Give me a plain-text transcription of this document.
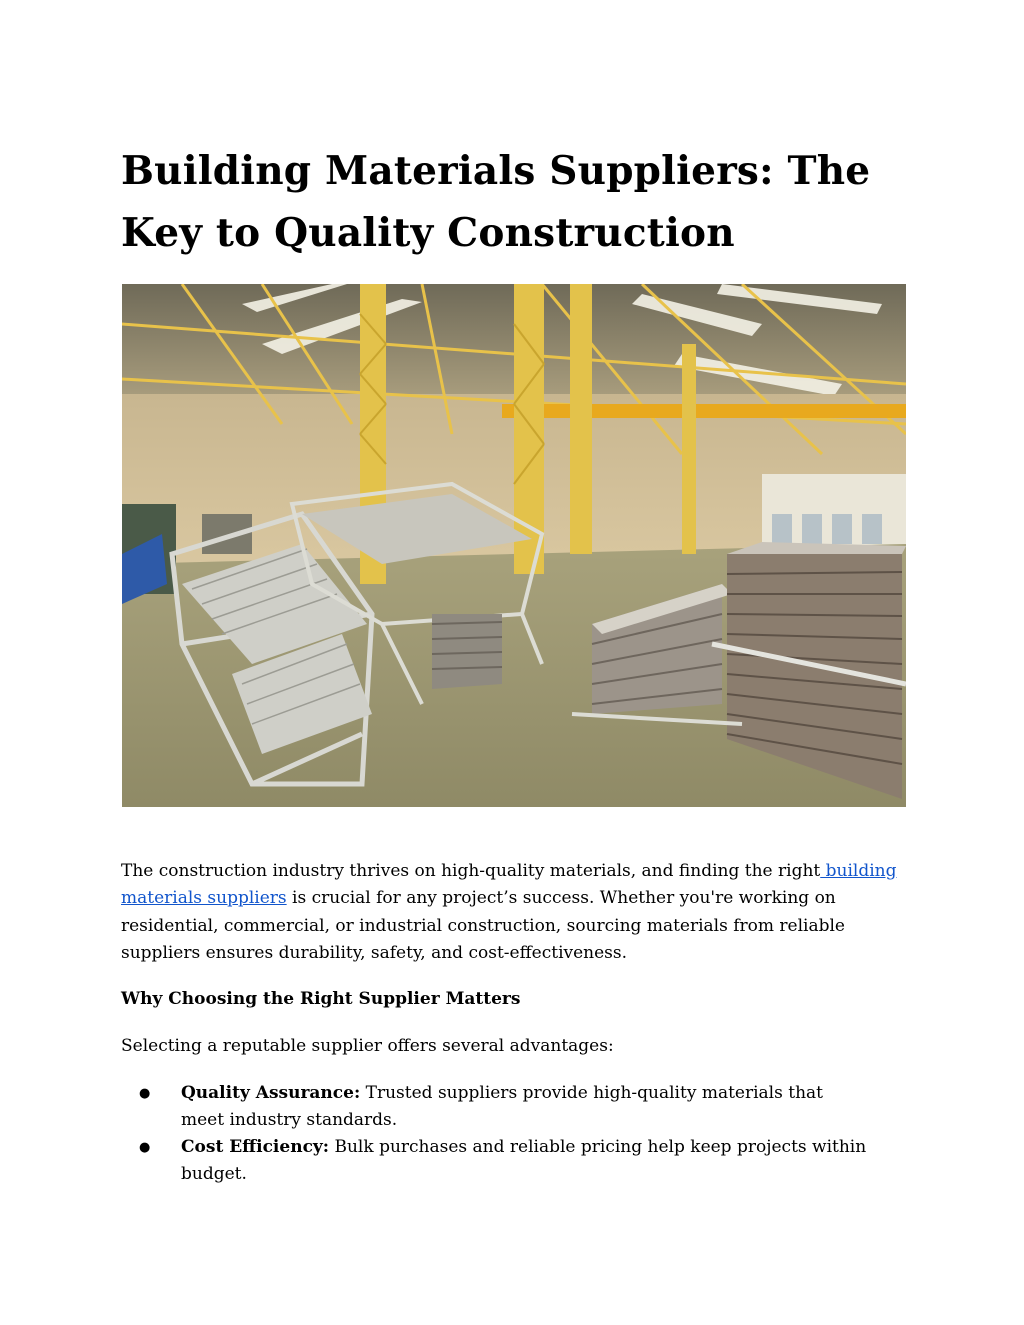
Building Materials Suppliers: The Key to Quality Construction

The construction industry thrives on high-quality materials, and finding the right building materials suppliers is crucial for any project’s success. Whether you're working on residential, commercial, or industrial construction, sourcing materials from reliable suppliers ensures durability, safety, and cost-effectiveness.

Why Choosing the Right Supplier Matters

Selecting a reputable supplier offers several advantages:

● Quality Assurance: Trusted suppliers provide high-quality materials that meet industry standards.
● Cost Efficiency: Bulk purchases and reliable pricing help keep projects within budget.
